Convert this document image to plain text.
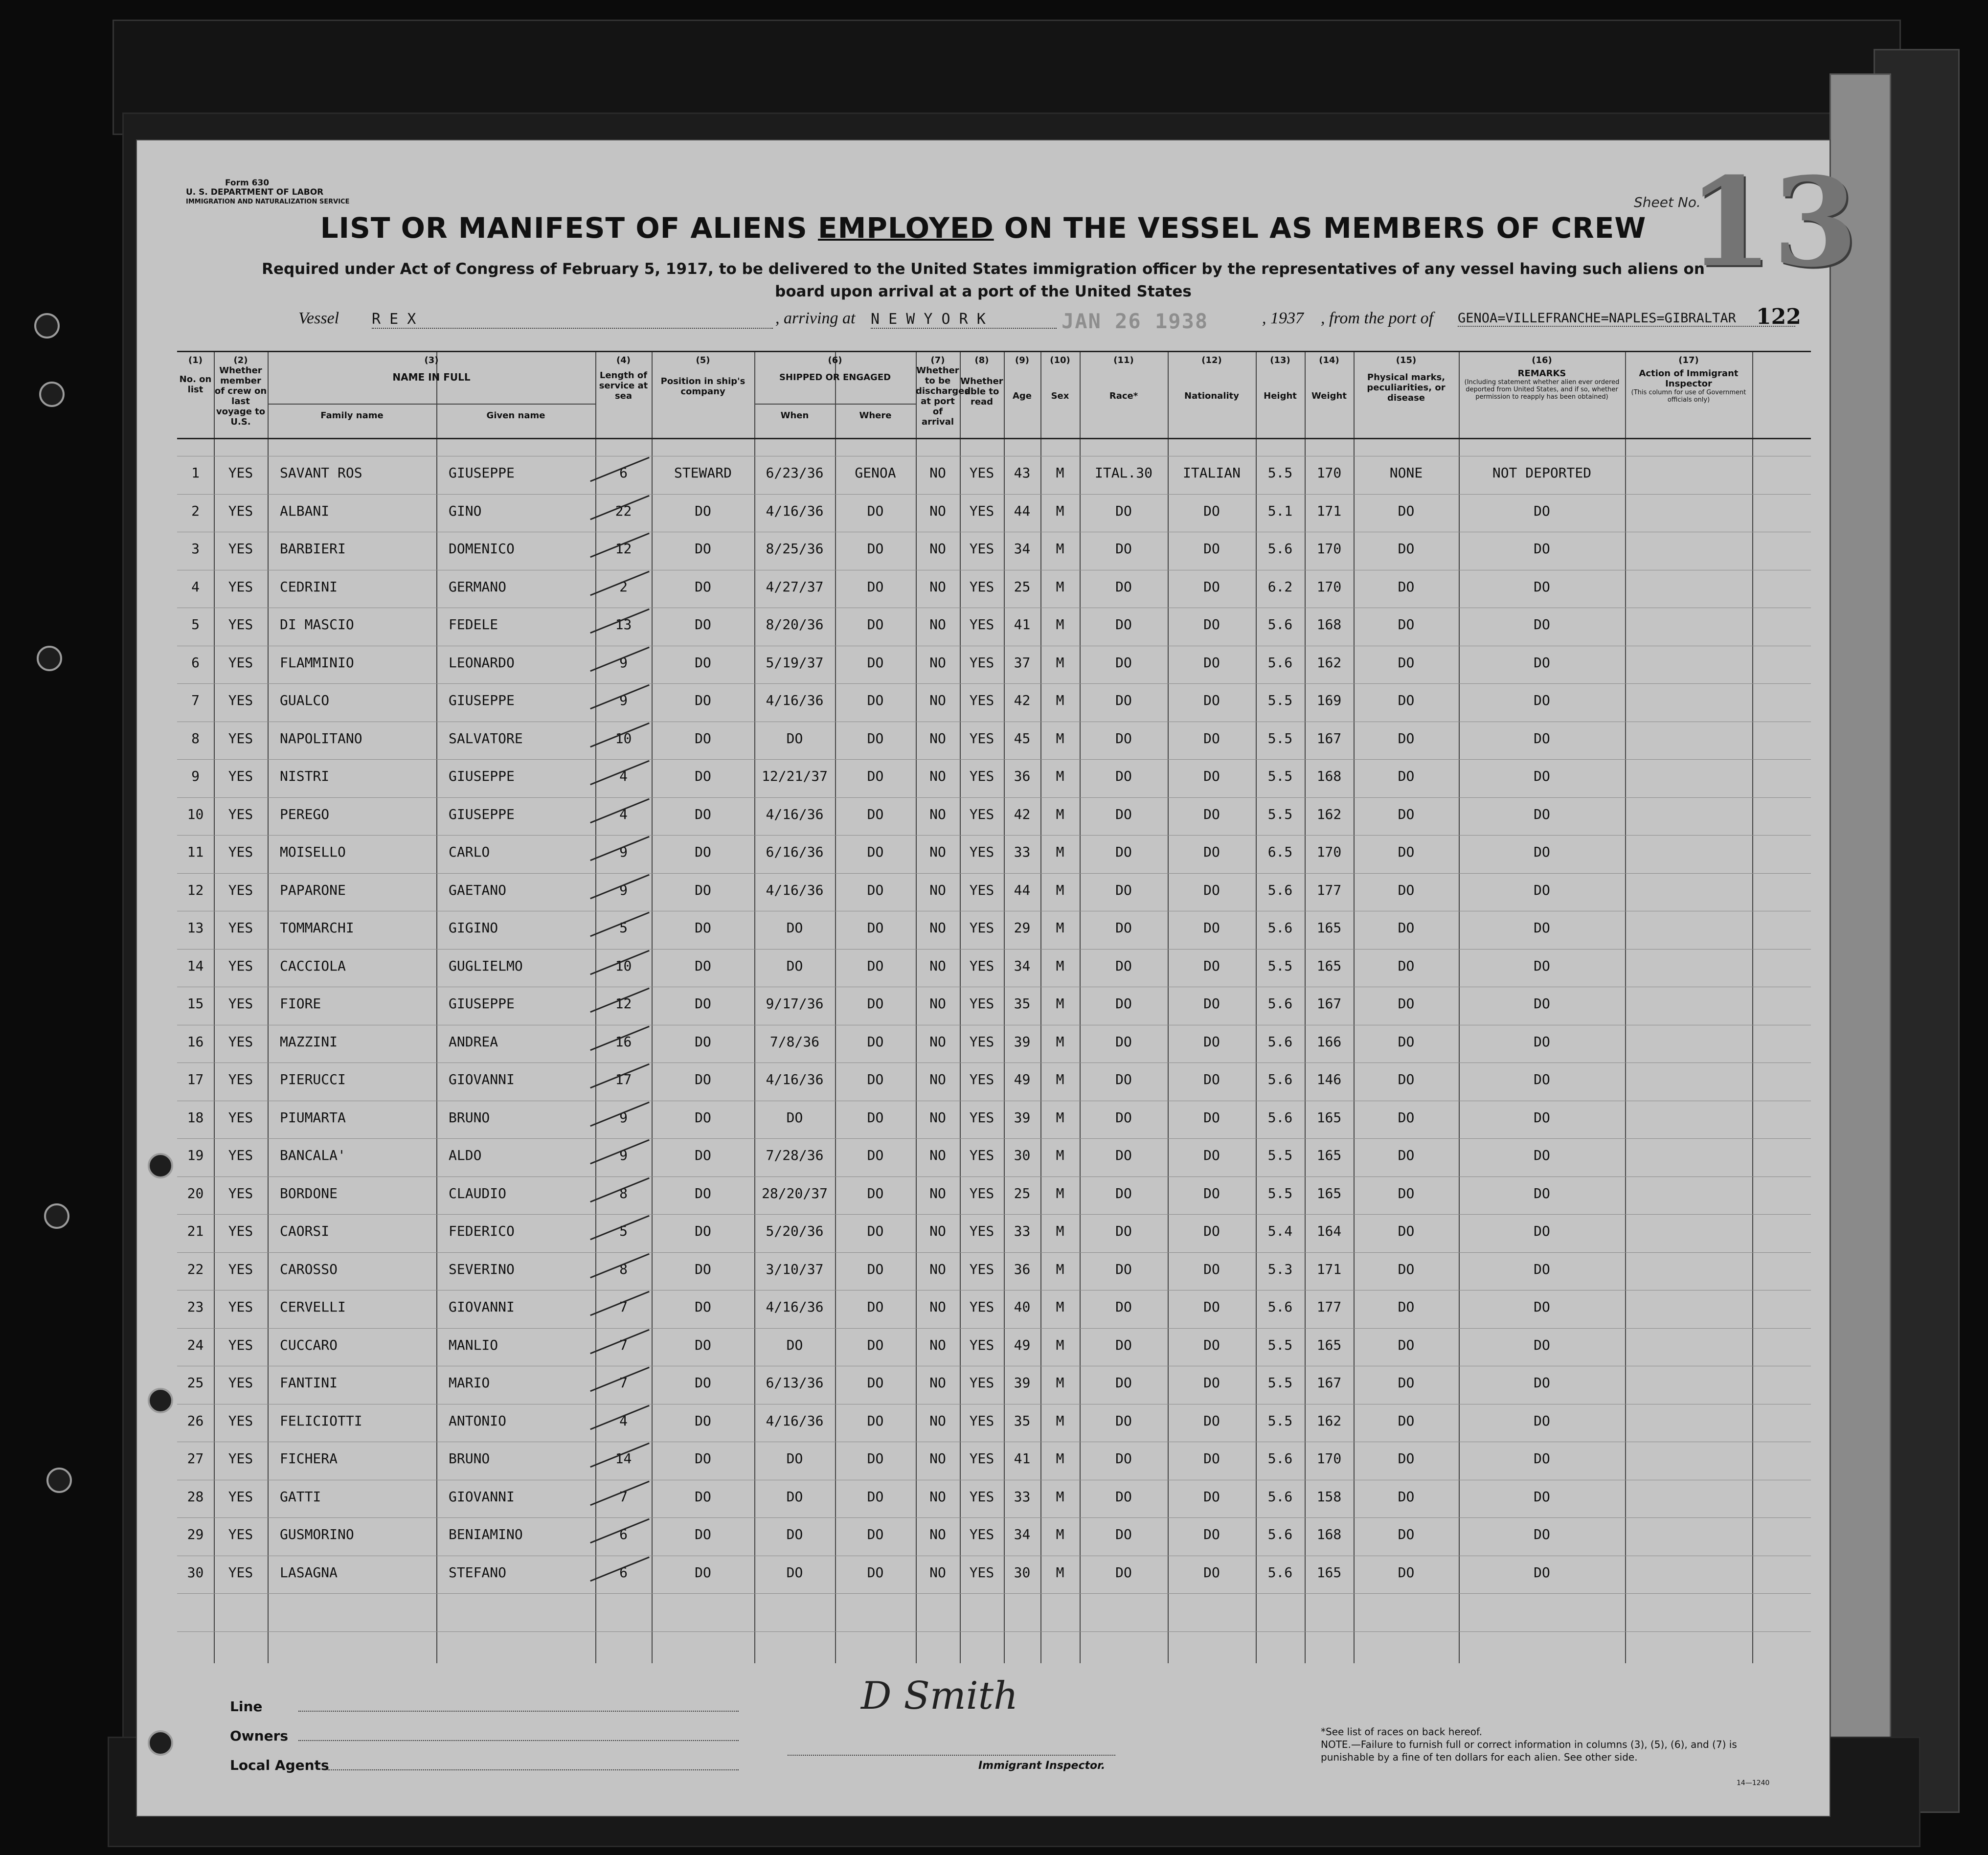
Form 630
U. S. DEPARTMENT OF LABOR
IMMIGRATION AND NATURALIZATION SERVICE	Sheet No.
13
122
LIST OR MANIFEST OF ALIENS EMPLOYED ON THE VESSEL AS MEMBERS OF CREW
Required under Act of Congress of February 5, 1917, to be delivered to the United States immigration officer by the representatives of any vessel having such aliens on board upon arrival at a port of the United States
Vessel R E X	, arriving at N E W Y O R K	JAN 26 1938	, 1937 , from the port of GENOA=VILLEFRANCHE=NAPLES=GIBRALTAR
(1)
No. on list
(2)
Whether member of crew on last voyage to U.S.
(3)
NAME IN FULL
Family name	Given name
(4)
Length of service at sea
(5)
Position in ship's company
(6)
SHIPPED OR ENGAGED
When	Where
(7)
Whether to be discharged at port of arrival
(8)
Whether able to read
(9)
Age
(10)
Sex
(11)
Race*
(12)
Nationality
(13)
Height
(14)
Weight
(15)
Physical marks, peculiarities, or disease
(16)
REMARKS
(Including statement whether alien ever ordered deported from United States, and if so, whether permission to reapply has been obtained)
(17)
Action of Immigrant Inspector
(This column for use of Government officials only)
1	YES	SAVANT ROS	GIUSEPPE	6	STEWARD	6/23/36	GENOA	NO	YES	43	M	ITAL.30	ITALIAN	5.5	170	NONE	NOT DEPORTED
2	YES	ALBANI	GINO	22	DO	4/16/36	DO	NO	YES	44	M	DO	DO	5.1	171	DO	DO
3	YES	BARBIERI	DOMENICO	12	DO	8/25/36	DO	NO	YES	34	M	DO	DO	5.6	170	DO	DO
4	YES	CEDRINI	GERMANO	2	DO	4/27/37	DO	NO	YES	25	M	DO	DO	6.2	170	DO	DO
5	YES	DI MASCIO	FEDELE	13	DO	8/20/36	DO	NO	YES	41	M	DO	DO	5.6	168	DO	DO
6	YES	FLAMMINIO	LEONARDO	9	DO	5/19/37	DO	NO	YES	37	M	DO	DO	5.6	162	DO	DO
7	YES	GUALCO	GIUSEPPE	9	DO	4/16/36	DO	NO	YES	42	M	DO	DO	5.5	169	DO	DO
8	YES	NAPOLITANO	SALVATORE	10	DO	DO	DO	NO	YES	45	M	DO	DO	5.5	167	DO	DO
9	YES	NISTRI	GIUSEPPE	4	DO	12/21/37	DO	NO	YES	36	M	DO	DO	5.5	168	DO	DO
10	YES	PEREGO	GIUSEPPE	4	DO	4/16/36	DO	NO	YES	42	M	DO	DO	5.5	162	DO	DO
11	YES	MOISELLO	CARLO	9	DO	6/16/36	DO	NO	YES	33	M	DO	DO	6.5	170	DO	DO
12	YES	PAPARONE	GAETANO	9	DO	4/16/36	DO	NO	YES	44	M	DO	DO	5.6	177	DO	DO
13	YES	TOMMARCHI	GIGINO	5	DO	DO	DO	NO	YES	29	M	DO	DO	5.6	165	DO	DO
14	YES	CACCIOLA	GUGLIELMO	10	DO	DO	DO	NO	YES	34	M	DO	DO	5.5	165	DO	DO
15	YES	FIORE	GIUSEPPE	12	DO	9/17/36	DO	NO	YES	35	M	DO	DO	5.6	167	DO	DO
16	YES	MAZZINI	ANDREA	16	DO	7/8/36	DO	NO	YES	39	M	DO	DO	5.6	166	DO	DO
17	YES	PIERUCCI	GIOVANNI	17	DO	4/16/36	DO	NO	YES	49	M	DO	DO	5.6	146	DO	DO
18	YES	PIUMARTA	BRUNO	9	DO	DO	DO	NO	YES	39	M	DO	DO	5.6	165	DO	DO
19	YES	BANCALA'	ALDO	9	DO	7/28/36	DO	NO	YES	30	M	DO	DO	5.5	165	DO	DO
20	YES	BORDONE	CLAUDIO	8	DO	28/20/37	DO	NO	YES	25	M	DO	DO	5.5	165	DO	DO
21	YES	CAORSI	FEDERICO	5	DO	5/20/36	DO	NO	YES	33	M	DO	DO	5.4	164	DO	DO
22	YES	CAROSSO	SEVERINO	8	DO	3/10/37	DO	NO	YES	36	M	DO	DO	5.3	171	DO	DO
23	YES	CERVELLI	GIOVANNI	7	DO	4/16/36	DO	NO	YES	40	M	DO	DO	5.6	177	DO	DO
24	YES	CUCCARO	MANLIO	7	DO	DO	DO	NO	YES	49	M	DO	DO	5.5	165	DO	DO
25	YES	FANTINI	MARIO	7	DO	6/13/36	DO	NO	YES	39	M	DO	DO	5.5	167	DO	DO
26	YES	FELICIOTTI	ANTONIO	4	DO	4/16/36	DO	NO	YES	35	M	DO	DO	5.5	162	DO	DO
27	YES	FICHERA	BRUNO	14	DO	DO	DO	NO	YES	41	M	DO	DO	5.6	170	DO	DO
28	YES	GATTI	GIOVANNI	7	DO	DO	DO	NO	YES	33	M	DO	DO	5.6	158	DO	DO
29	YES	GUSMORINO	BENIAMINO	6	DO	DO	DO	NO	YES	34	M	DO	DO	5.6	168	DO	DO
30	YES	LASAGNA	STEFANO	6	DO	DO	DO	NO	YES	30	M	DO	DO	5.6	165	DO	DO
D Smith
Line
Owners
Local Agents	Immigrant Inspector.
*See list of races on back hereof.
NOTE.—Failure to furnish full or correct information in columns (3), (5), (6), and (7) is punishable by a fine of ten dollars for each alien. See other side.
14—1240
